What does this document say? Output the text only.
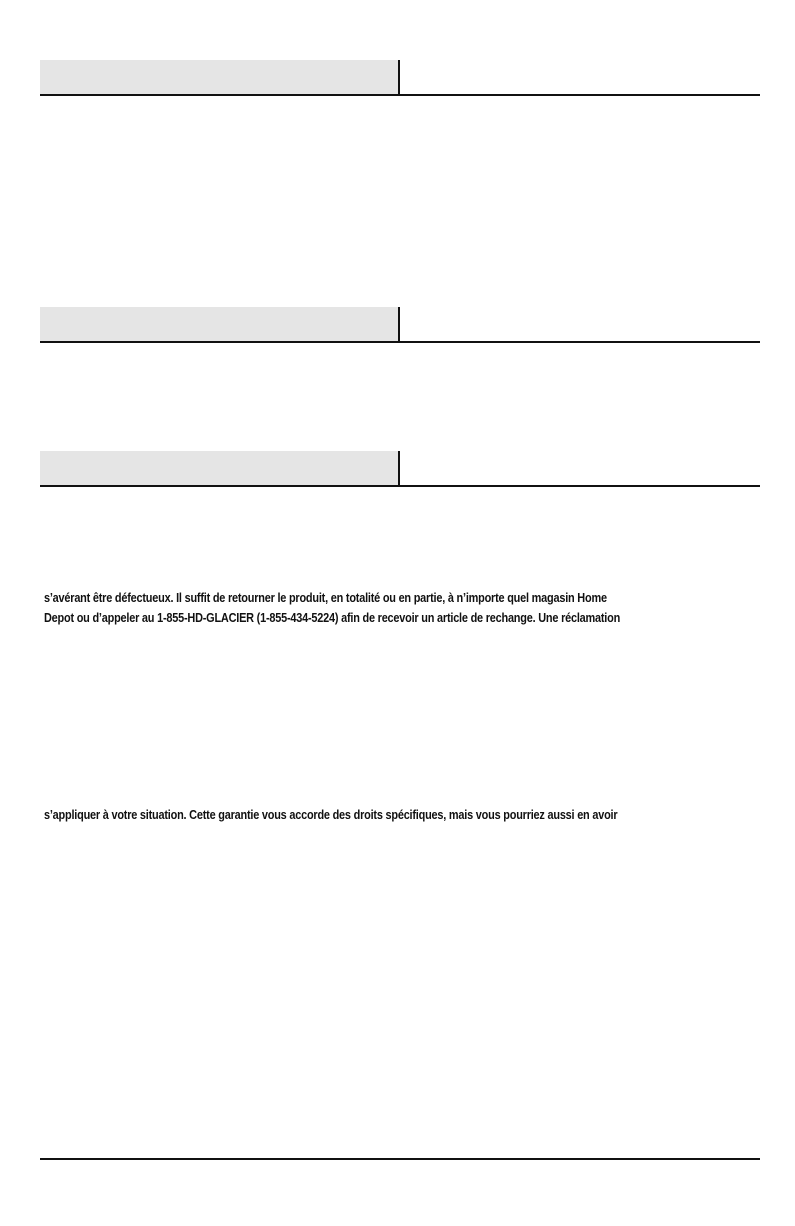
s’avérant être défectueux. Il suffit de retourner le produit, en totalité ou en partie, à n’importe quel magasin Home

Depot ou d’appeler au 1-855-HD-GLACIER (1-855-434-5224) afin de recevoir un article de rechange. Une réclamation

s’appliquer à votre situation. Cette garantie vous accorde des droits spécifiques, mais vous pourriez aussi en avoir
